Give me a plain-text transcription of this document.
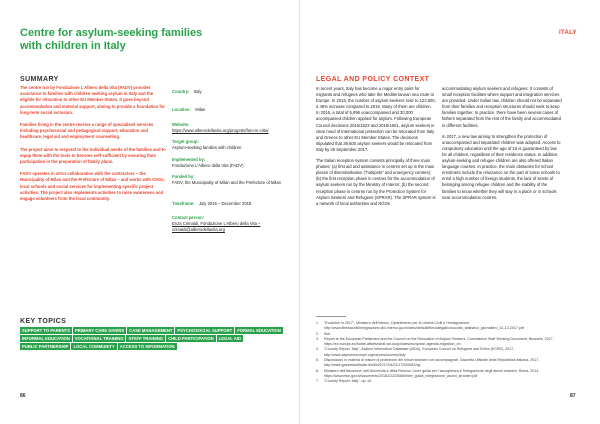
Centre for asylum-seeking families with children in Italy
SUMMARY

The centre run by Fondazione L'Albero della Vita (FADV) provides assistance to families with children seeking asylum in Italy and the eligible for relocation to other EU Member States. It goes beyond accommodation and material support, aiming to provide a foundation for long-term social inclusion.

Families living in the centre receive a range of specialised services including psychosocial and pedagogical support, education and healthcare, legal aid and employment counselling.

The project aims to respond to the individual needs of the families and to equip them with the tools to become self-sufficient by ensuring their participation in the preparation of family plans.

FADV operates in strict collaboration with the contractors – the Municipality of Milan and the Prefecture of Milan – and works with CSOs, local schools and social services for implementing specific project activities. The project also implements activities to raise awareness and engage volunteers from the local community.

Country: Italy
Location: Milan
Website:
https://www.alberodellavita.org/progetto/faro-in-citta/
Target group:
Asylum-seeking families with children
Implemented by:
Fondazione L'Albero della Vita (FADV)
Funded by:
FADV, the Municipality of Milan and the Prefecture of Milan
Timeframe: July 2016 – December 2018
Contact person:
Enza Crimaldi, Fondazione L'Albero della Vita – crimaldi@alberodellavita.org
KEY TOPICS
SUPPORT TO PARENTS	PRIMARY CARE GIVERS	CASE MANAGEMENT	PSYCHOSOCIAL SUPPORT	FORMAL EDUCATION
INFORMAL EDUCATION	VOCATIONAL TRAINING	STAFF TRAINING	CHILD PARTICIPATION	LEGAL AID
PUBLIC PARTNERSHIP	LOCAL COMMUNITY	ACCESS TO INFORMATION
86
ITALY
LEGAL AND POLICY CONTEXT

In recent years, Italy has become a major entry point for migrants and refugees who take the Mediterranean sea route to Europe. In 2016, the number of asylum-seekers rose to 123,600, a 49% increase compared to 2015. Many of them are children. In 2016, a total of 5,996 unaccompanied and 30,000 accompanied children applied for asylum. Following European Council decisions 2015/1523 and 2015/1601, asylum seekers in clear need of international protection can be relocated from Italy and Greece to other EU Member States. The decisions stipulated that 39,600 asylum seekers would be relocated from Italy by 26 September 2017.

The Italian reception system consists principally of three main phases: (a) first aid and assistance in centres set up in the main places of disembarkation ("hotspots" and emergency centres); (b) the first reception phase in centres for the accommodation of asylum seekers run by the Ministry of Interior; (b) the second reception phase in centres run by the Protection System for Asylum Seekers and Refugees (SPRAR). The SPRAR system is a network of local authorities and NGOs

accommodating asylum seekers and refugees. It consists of small reception facilities where support and integration services are provided. Under Italian law, children should not be separated from their families and reception structures should seek to keep families together. In practice, there have been several cases of fathers separated from the rest of the family and accommodated in different facilities.

In 2017, a new law aiming to strengthen the protection of unaccompanied and separated children was adopted. Access to compulsory education until the age of 16 is guaranteed by law for all children, regardless of their residence status. In addition, asylum-seeking and refugee children are also offered Italian language courses. In practice, the main obstacles for school enrolment include the reluctance on the part of some schools to enrol a high number of foreign students, the lack of sense of belonging among refugee children and the inability of the families to know whether they will stay in a place or in schools near accommodation centres.

1.	"Evolution in 2017", Ministero dell'Interno, Dipartimento per le Libertà Civili e l'Immigrazione, http://www.libertaciviliimmigrazione.dlci.interno.gov.it/sites/default/files/allegati/cruscotto_statistico_giornaliero_31-12-2017.pdf
2.	Ibid.
3.	Report to the European Parliament and the Council on the Relocation of Asylum Seekers, Commission Staff Working Document, Brussels, 2017, https://ec.europa.eu/home-affairs/what-we-do/policies/european-agenda-migration_en
4.	"Country Report: Italy", Asylum Information Database (AIDA), European Council on Refugees and Exiles (ECRE), 2017, http://www.asylumineurope.org/reports/country/italy
5.	Disposizioni in materia di misure di protezione dei minori stranieri non accompagnati, Gazzetta Ufficiale della Repubblica Italiana, 2017, http://www.gazzettaufficiale.it/eli/id/2017/04/21/17G00062/sg
6.	Ministero dell'Istruzione, dell'Università e della Ricerca, Linee guida per l'accoglienza e l'integrazione degli alunni stranieri, Roma, 2014, https://www.miur.gov.it/documents/20182/2223566/linee_guida_integrazione_alunni_stranieri.pdf
7.	"Country Report: Italy", op. cit.
87
